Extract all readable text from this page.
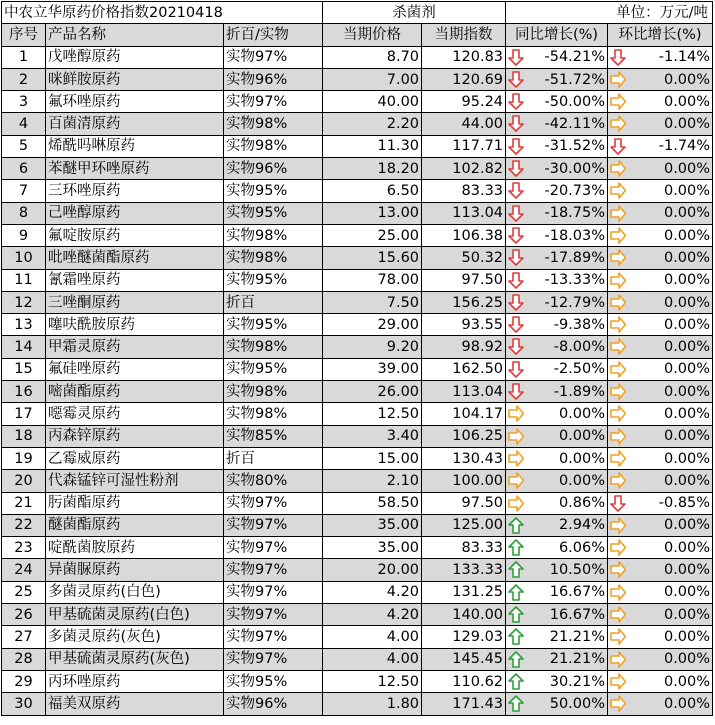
中农立华原药价格指数20210418			杀菌剂		单位：万元/吨	
序号	产品名称	折百/实物	当期价格	当期指数	同比增长(%)	环比增长(%)
1	戊唑醇原药	实物97%	8.70	120.83	-54.21%	-1.14%
2	咪鲜胺原药	实物96%	7.00	120.69	-51.72%	0.00%
3	氟环唑原药	实物97%	40.00	95.24	-50.00%	0.00%
4	百菌清原药	实物98%	2.20	44.00	-42.11%	0.00%
5	烯酰吗啉原药	实物98%	11.30	117.71	-31.52%	-1.74%
6	苯醚甲环唑原药	实物96%	18.20	102.82	-30.00%	0.00%
7	三环唑原药	实物95%	6.50	83.33	-20.73%	0.00%
8	己唑醇原药	实物95%	13.00	113.04	-18.75%	0.00%
9	氟啶胺原药	实物98%	25.00	106.38	-18.03%	0.00%
10	吡唑醚菌酯原药	实物98%	15.60	50.32	-17.89%	0.00%
11	氰霜唑原药	实物95%	78.00	97.50	-13.33%	0.00%
12	三唑酮原药	折百	7.50	156.25	-12.79%	0.00%
13	噻呋酰胺原药	实物95%	29.00	93.55	-9.38%	0.00%
14	甲霜灵原药	实物98%	9.20	98.92	-8.00%	0.00%
15	氟硅唑原药	实物95%	39.00	162.50	-2.50%	0.00%
16	嘧菌酯原药	实物98%	26.00	113.04	-1.89%	0.00%
17	噁霉灵原药	实物98%	12.50	104.17	0.00%	0.00%
18	丙森锌原药	实物85%	3.40	106.25	0.00%	0.00%
19	乙霉威原药	折百	15.00	130.43	0.00%	0.00%
20	代森锰锌可湿性粉剂	实物80%	2.10	100.00	0.00%	0.00%
21	肟菌酯原药	实物97%	58.50	97.50	0.86%	-0.85%
22	醚菌酯原药	实物97%	35.00	125.00	2.94%	0.00%
23	啶酰菌胺原药	实物97%	35.00	83.33	6.06%	0.00%
24	异菌脲原药	实物97%	20.00	133.33	10.50%	0.00%
25	多菌灵原药(白色)	实物97%	4.20	131.25	16.67%	0.00%
26	甲基硫菌灵原药(白色)	实物97%	4.20	140.00	16.67%	0.00%
27	多菌灵原药(灰色)	实物97%	4.00	129.03	21.21%	0.00%
28	甲基硫菌灵原药(灰色)	实物97%	4.00	145.45	21.21%	0.00%
29	丙环唑原药	实物95%	12.50	110.62	30.21%	0.00%
30	福美双原药	实物96%	1.80	171.43	50.00%	0.00%
